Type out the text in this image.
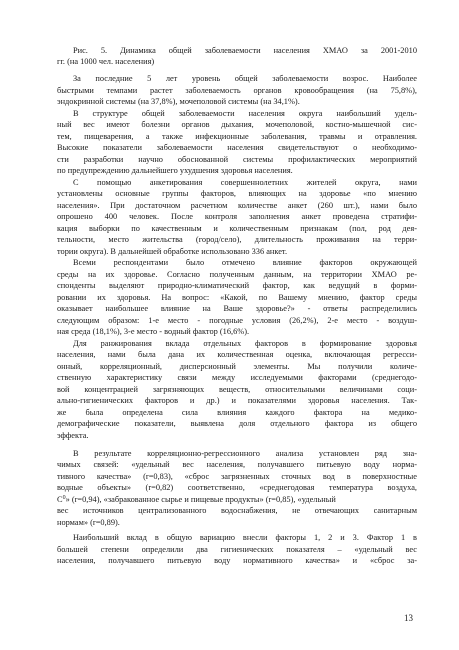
Рис. 5. Динамика общей заболеваемости населения ХМАО за 2001-2010
гг. (на 1000 чел. населения)
За последние 5 лет уровень общей заболеваемости возрос. Наиболее
быстрыми темпами растет заболеваемость органов кровообращения (на 75,8%),
эндокринной системы (на 37,8%), мочеполовой системы (на 34,1%).
В структуре общей заболеваемости населения округа наибольший удель-
ный вес имеют болезни органов дыхания, мочеполовой, костно-мышечной сис-
тем, пищеварения, а также инфекционные заболевания, травмы и отравления.
Высокие показатели заболеваемости населения свидетельствуют о необходимо-
сти разработки научно обоснованной системы профилактических мероприятий
по предупреждению дальнейшего ухудшения здоровья населения.
С помощью анкетирования совершеннолетних жителей округа, нами
установлены основные группы факторов, влияющих на здоровье «по мнению
населения». При достаточном расчетном количестве анкет (260 шт.), нами было
опрошено 400 человек. После контроля заполнения анкет проведена стратифи-
кация выборки по качественным и количественным признакам (пол, род дея-
тельности, место жительства (город/село), длительность проживания на терри-
тории округа). В дальнейшей обработке использовано 336 анкет.
Всеми респондентами было отмечено влияние факторов окружающей
среды на их здоровье. Согласно полученным данным, на территории ХМАО ре-
спонденты выделяют природно-климатический фактор, как ведущий в форми-
ровании их здоровья. На вопрос: «Какой, по Вашему мнению, фактор среды
оказывает наибольшее влияние на Ваше здоровье?» - ответы распределились
следующим образом: 1-е место - погодные условия (26,2%), 2-е место - воздуш-
ная среда (18,1%), 3-е место - водный фактор (16,6%).
Для ранжирования вклада отдельных факторов в формирование здоровья
населения, нами была дана их количественная оценка, включающая регресси-
онный, корреляционный, дисперсионный элементы. Мы получили количе-
ственную характеристику связи между исследуемыми факторами (среднегодо-
вой концентрацией загрязняющих веществ, относительными величинами соци-
ально-гигиенических факторов и др.) и показателями здоровья населения. Так-
же была определена сила влияния каждого фактора на медико-
демографические показатели, выявлена доля отдельного фактора из общего
эффекта.
В результате корреляционно-регрессионного анализа установлен ряд зна-
чимых связей: «удельный вес населения, получавшего питьевую воду норма-
тивного качества» (r=0,83), «сброс загрязненных сточных вод в поверхностные
водные объекты» (r=0,82) соответственно, «среднегодовая температура воздуха,
$С^0$» (r=0,94), «забракованное сырье и пищевые продукты» (r=0,85), «удельный
вес источников централизованного водоснабжения, не отвечающих санитарным
нормам» (r=0,89).
Наибольший вклад в общую вариацию внесли факторы 1, 2 и 3. Фактор 1 в
большей степени определили два гигиенических показателя – «удельный вес
населения, получавшего питьевую воду нормативного качества» и «сброс за-
13
